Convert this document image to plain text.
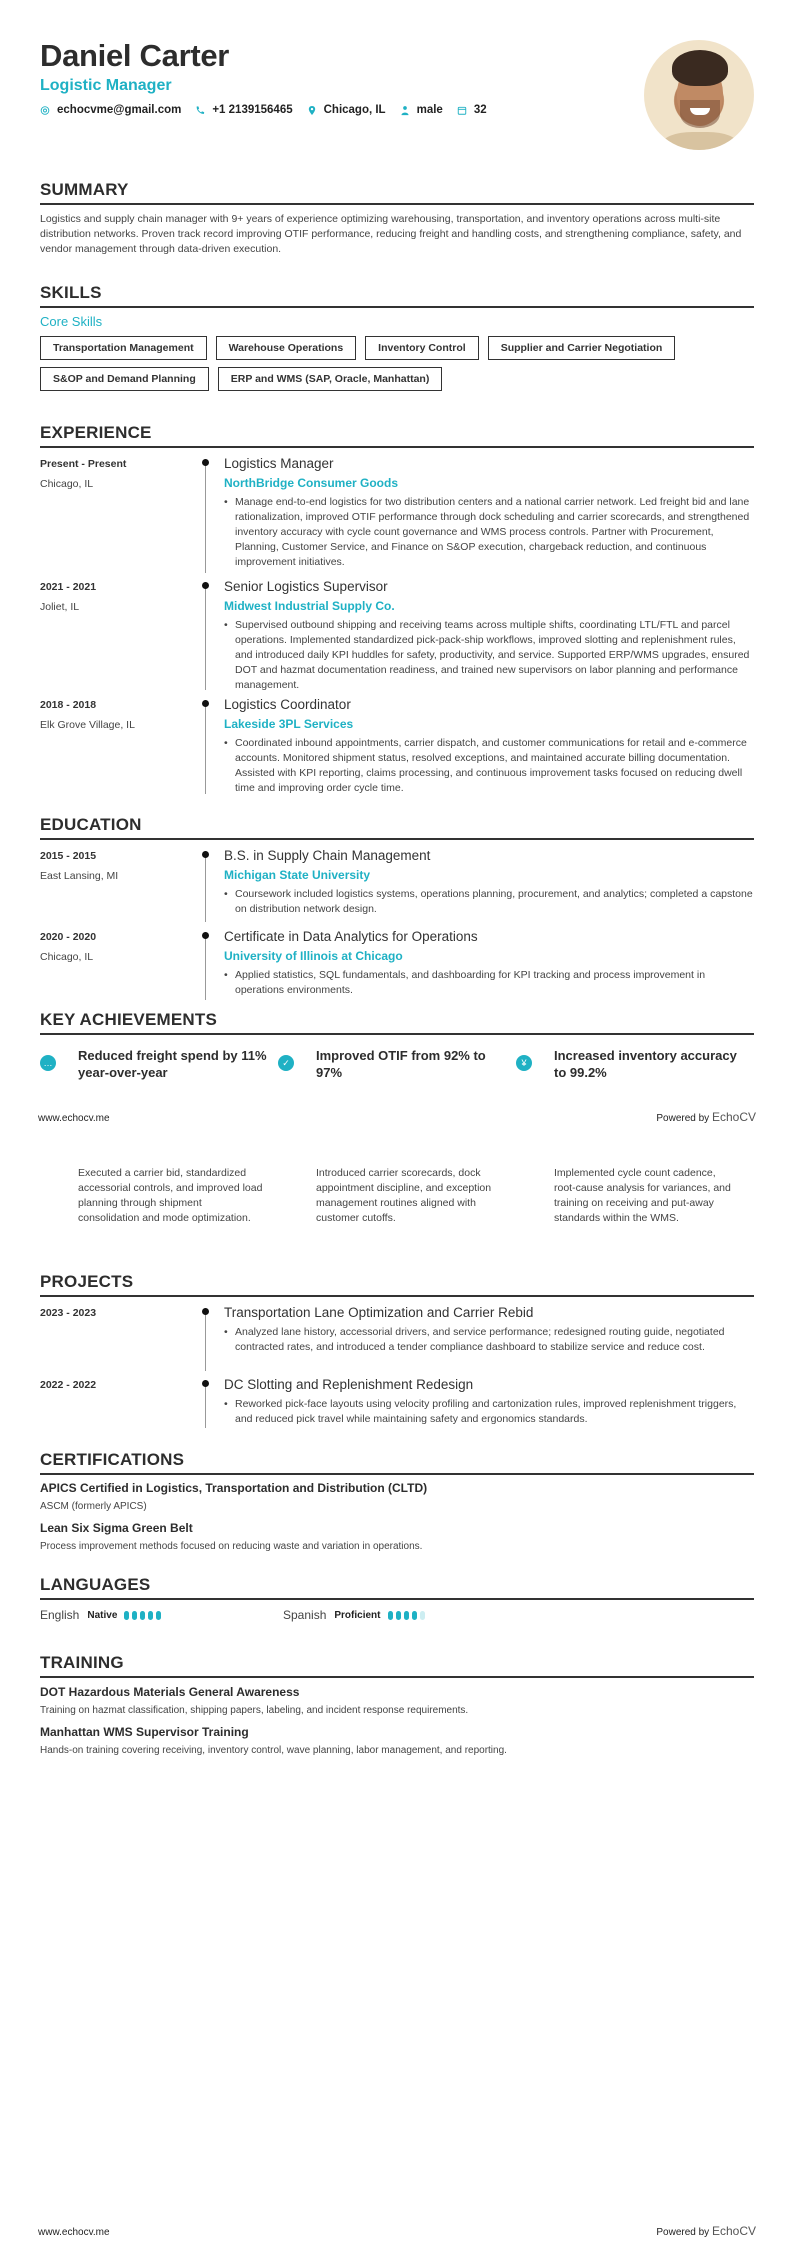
Daniel Carter
Logistic Manager
echocvme@gmail.com	+1 2139156465	Chicago, IL	male	32
SUMMARY
Logistics and supply chain manager with 9+ years of experience optimizing warehousing, transportation, and inventory operations across multi-site distribution networks. Proven track record improving OTIF performance, reducing freight and handling costs, and strengthening compliance, safety, and vendor management through data-driven execution.
SKILLS
Core Skills
Transportation Management	Warehouse Operations	Inventory Control	Supplier and Carrier Negotiation
S&OP and Demand Planning	ERP and WMS (SAP, Oracle, Manhattan)
EXPERIENCE
Present - Present
Chicago, IL
Logistics Manager
NorthBridge Consumer Goods
• Manage end-to-end logistics for two distribution centers and a national carrier network. Led freight bid and lane rationalization, improved OTIF performance through dock scheduling and carrier scorecards, and strengthened inventory accuracy with cycle count governance and WMS process controls. Partner with Procurement, Planning, Customer Service, and Finance on S&OP execution, chargeback reduction, and continuous improvement initiatives.
2021 - 2021
Joliet, IL
Senior Logistics Supervisor
Midwest Industrial Supply Co.
• Supervised outbound shipping and receiving teams across multiple shifts, coordinating LTL/FTL and parcel operations. Implemented standardized pick-pack-ship workflows, improved slotting and replenishment rules, and introduced daily KPI huddles for safety, productivity, and service. Supported ERP/WMS upgrades, ensured DOT and hazmat documentation readiness, and trained new supervisors on labor planning and performance management.
2018 - 2018
Elk Grove Village, IL
Logistics Coordinator
Lakeside 3PL Services
• Coordinated inbound appointments, carrier dispatch, and customer communications for retail and e-commerce accounts. Monitored shipment status, resolved exceptions, and maintained accurate billing documentation. Assisted with KPI reporting, claims processing, and continuous improvement tasks focused on reducing dwell time and improving order cycle time.
EDUCATION
2015 - 2015
East Lansing, MI
B.S. in Supply Chain Management
Michigan State University
• Coursework included logistics systems, operations planning, procurement, and analytics; completed a capstone on distribution network design.
2020 - 2020
Chicago, IL
Certificate in Data Analytics for Operations
University of Illinois at Chicago
• Applied statistics, SQL fundamentals, and dashboarding for KPI tracking and process improvement in operations environments.
KEY ACHIEVEMENTS
… Reduced freight spend by 11% year-over-year
✓	Improved OTIF from 92% to 97%
¥	Increased inventory accuracy to 99.2%
www.echocv.me	Powered by EchoCV
Executed a carrier bid, standardized accessorial controls, and improved load planning through shipment consolidation and mode optimization.
Introduced carrier scorecards, dock appointment discipline, and exception management routines aligned with customer cutoffs.
Implemented cycle count cadence, root-cause analysis for variances, and training on receiving and put-away standards within the WMS.
PROJECTS
2023 - 2023	Transportation Lane Optimization and Carrier Rebid
• Analyzed lane history, accessorial drivers, and service performance; redesigned routing guide, negotiated contracted rates, and introduced a tender compliance dashboard to stabilize service and reduce cost.
2022 - 2022	DC Slotting and Replenishment Redesign
• Reworked pick-face layouts using velocity profiling and cartonization rules, improved replenishment triggers, and reduced pick travel while maintaining safety and ergonomics standards.
CERTIFICATIONS
APICS Certified in Logistics, Transportation and Distribution (CLTD)
ASCM (formerly APICS)
Lean Six Sigma Green Belt
Process improvement methods focused on reducing waste and variation in operations.
LANGUAGES
English Native	Spanish Proficient
TRAINING
DOT Hazardous Materials General Awareness
Training on hazmat classification, shipping papers, labeling, and incident response requirements.
Manhattan WMS Supervisor Training
Hands-on training covering receiving, inventory control, wave planning, labor management, and reporting.
www.echocv.me	Powered by EchoCV
